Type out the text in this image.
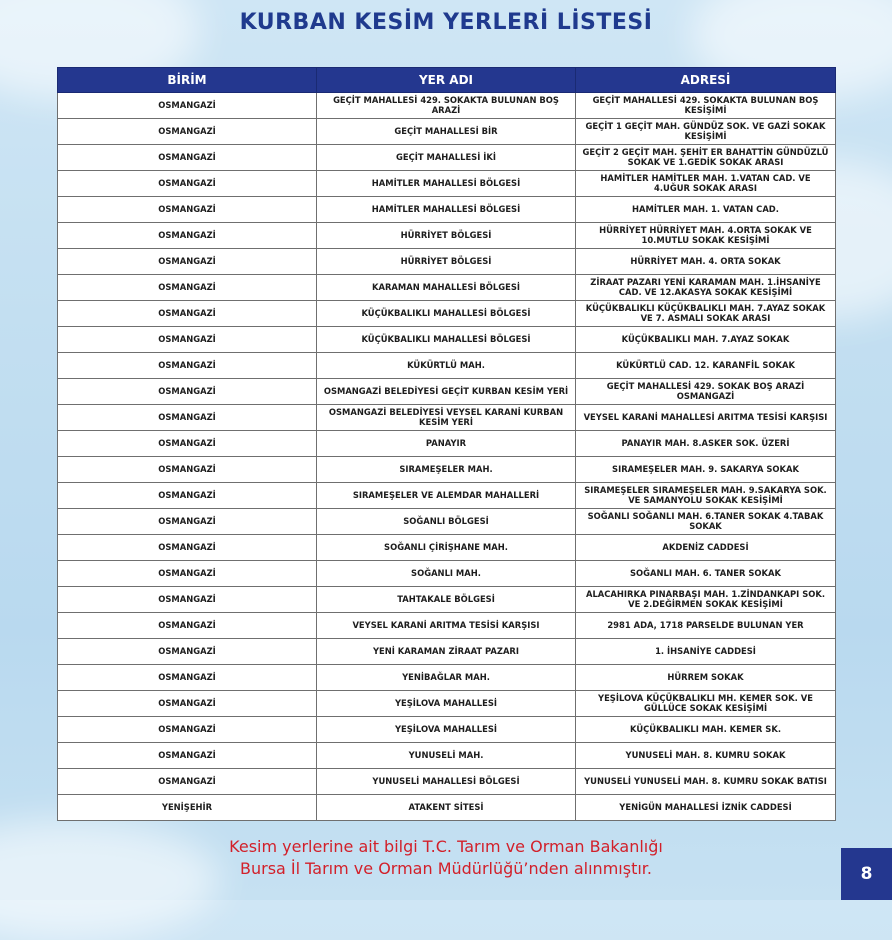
KURBAN KESİM YERLERİ LİSTESİ
BİRİM	YER ADI	ADRESİ
OSMANGAZİ	GEÇİT MAHALLESİ 429. SOKAKTA BULUNAN BOŞ ARAZİ	GEÇİT MAHALLESİ 429. SOKAKTA BULUNAN BOŞ KESİŞİMİ
OSMANGAZİ	GEÇİT MAHALLESİ BİR	GEÇİT 1 GEÇİT MAH. GÜNDÜZ SOK. VE GAZİ SOKAK KESİŞİMİ
OSMANGAZİ	GEÇİT MAHALLESİ İKİ	GEÇİT 2 GEÇİT MAH. ŞEHİT ER BAHATTİN GÜNDÜZLÜ SOKAK VE 1.GEDİK SOKAK ARASI
OSMANGAZİ	HAMİTLER MAHALLESİ BÖLGESİ	HAMİTLER HAMİTLER MAH. 1.VATAN CAD. VE 4.UĞUR SOKAK ARASI
OSMANGAZİ	HAMİTLER MAHALLESİ BÖLGESİ	HAMİTLER MAH. 1. VATAN CAD.
OSMANGAZİ	HÜRRİYET BÖLGESİ	HÜRRİYET HÜRRİYET MAH. 4.ORTA SOKAK VE 10.MUTLU SOKAK KESİŞİMİ
OSMANGAZİ	HÜRRİYET BÖLGESİ	HÜRRİYET MAH. 4. ORTA SOKAK
OSMANGAZİ	KARAMAN MAHALLESİ BÖLGESİ	ZİRAAT PAZARI YENİ KARAMAN MAH. 1.İHSANİYE CAD. VE 12.AKASYA SOKAK KESİŞİMİ
OSMANGAZİ	KÜÇÜKBALIKLI MAHALLESİ BÖLGESİ	KÜÇÜKBALIKLI KÜÇÜKBALIKLI MAH. 7.AYAZ SOKAK VE 7. ASMALI SOKAK ARASI
OSMANGAZİ	KÜÇÜKBALIKLI MAHALLESİ BÖLGESİ	KÜÇÜKBALIKLI MAH. 7.AYAZ SOKAK
OSMANGAZİ	KÜKÜRTLÜ MAH.	KÜKÜRTLÜ CAD. 12. KARANFİL SOKAK
OSMANGAZİ	OSMANGAZİ BELEDİYESİ GEÇİT KURBAN KESİM YERİ	GEÇİT MAHALLESİ 429. SOKAK BOŞ ARAZİ OSMANGAZİ
OSMANGAZİ	OSMANGAZİ BELEDİYESİ VEYSEL KARANİ KURBAN KESİM YERİ	VEYSEL KARANİ MAHALLESİ ARITMA TESİSİ KARŞISI
OSMANGAZİ	PANAYIR	PANAYIR MAH. 8.ASKER SOK. ÜZERİ
OSMANGAZİ	SIRAMEŞELER MAH.	SIRAMEŞELER MAH. 9. SAKARYA SOKAK
OSMANGAZİ	SIRAMEŞELER VE ALEMDAR MAHALLERİ	SIRAMEŞELER SIRAMEŞELER MAH. 9.SAKARYA SOK. VE SAMANYOLU SOKAK KESİŞİMİ
OSMANGAZİ	SOĞANLI BÖLGESİ	SOĞANLI SOĞANLI MAH. 6.TANER SOKAK 4.TABAK SOKAK
OSMANGAZİ	SOĞANLI ÇİRİŞHANE MAH.	AKDENİZ CADDESİ
OSMANGAZİ	SOĞANLI MAH.	SOĞANLI MAH. 6. TANER SOKAK
OSMANGAZİ	TAHTAKALE BÖLGESİ	ALACAHIRKA PINARBAŞI MAH. 1.ZİNDANKAPI SOK. VE 2.DEĞİRMEN SOKAK KESİŞİMİ
OSMANGAZİ	VEYSEL KARANİ ARITMA TESİSİ KARŞISI	2981 ADA, 1718 PARSELDE BULUNAN YER
OSMANGAZİ	YENİ KARAMAN ZİRAAT PAZARI	1. İHSANİYE CADDESİ
OSMANGAZİ	YENİBAĞLAR MAH.	HÜRREM SOKAK
OSMANGAZİ	YEŞİLOVA MAHALLESİ	YEŞİLOVA KÜÇÜKBALIKLI MH. KEMER SOK. VE GÜLLÜCE SOKAK KESİŞİMİ
OSMANGAZİ	YEŞİLOVA MAHALLESİ	KÜÇÜKBALIKLI MAH. KEMER SK.
OSMANGAZİ	YUNUSELİ MAH.	YUNUSELİ MAH. 8. KUMRU SOKAK
OSMANGAZİ	YUNUSELİ MAHALLESİ BÖLGESİ	YUNUSELİ YUNUSELİ MAH. 8. KUMRU SOKAK BATISI
YENİŞEHİR	ATAKENT SİTESİ	YENİGÜN MAHALLESİ İZNİK CADDESİ
Kesim yerlerine ait bilgi T.C. Tarım ve Orman Bakanlığı
Bursa İl Tarım ve Orman Müdürlüğü’nden alınmıştır.	8
